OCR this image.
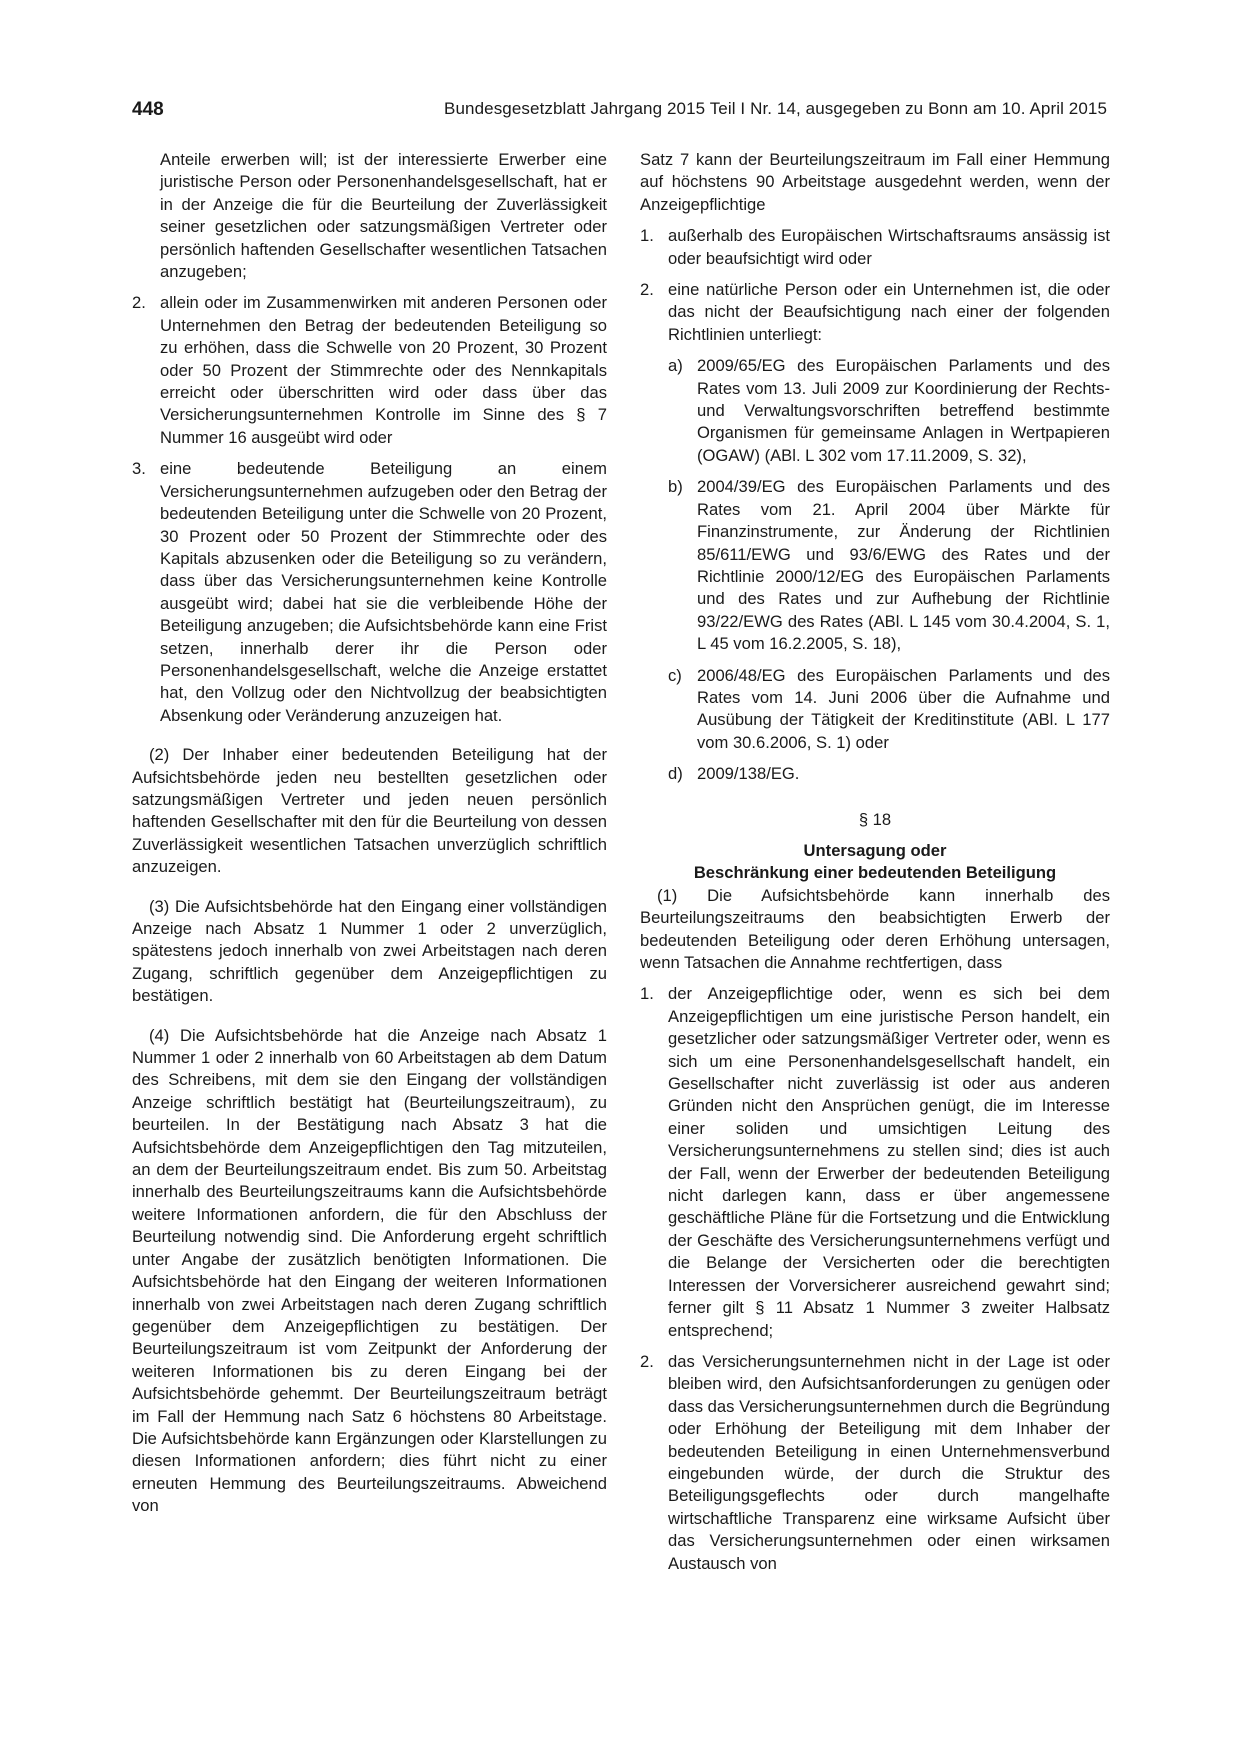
448	Bundesgesetzblatt Jahrgang 2015 Teil I Nr. 14, ausgegeben zu Bonn am 10. April 2015

Anteile erwerben will; ist der interessierte Erwerber eine juristische Person oder Personenhandelsgesellschaft, hat er in der Anzeige die für die Beurteilung der Zuverlässigkeit seiner gesetzlichen oder satzungsmäßigen Vertreter oder persönlich haftenden Gesellschafter wesentlichen Tatsachen anzugeben;

2. allein oder im Zusammenwirken mit anderen Personen oder Unternehmen den Betrag der bedeutenden Beteiligung so zu erhöhen, dass die Schwelle von 20 Prozent, 30 Prozent oder 50 Prozent der Stimmrechte oder des Nennkapitals erreicht oder überschritten wird oder dass über das Versicherungsunternehmen Kontrolle im Sinne des § 7 Nummer 16 ausgeübt wird oder
3. eine bedeutende Beteiligung an einem Versicherungsunternehmen aufzugeben oder den Betrag der bedeutenden Beteiligung unter die Schwelle von 20 Prozent, 30 Prozent oder 50 Prozent der Stimmrechte oder des Kapitals abzusenken oder die Beteiligung so zu verändern, dass über das Versicherungsunternehmen keine Kontrolle ausgeübt wird; dabei hat sie die verbleibende Höhe der Beteiligung anzugeben; die Aufsichtsbehörde kann eine Frist setzen, innerhalb derer ihr die Person oder Personenhandelsgesellschaft, welche die Anzeige erstattet hat, den Vollzug oder den Nichtvollzug der beabsichtigten Absenkung oder Veränderung anzuzeigen hat.

(2) Der Inhaber einer bedeutenden Beteiligung hat der Aufsichtsbehörde jeden neu bestellten gesetzlichen oder satzungsmäßigen Vertreter und jeden neuen persönlich haftenden Gesellschafter mit den für die Beurteilung von dessen Zuverlässigkeit wesentlichen Tatsachen unverzüglich schriftlich anzuzeigen.

(3) Die Aufsichtsbehörde hat den Eingang einer vollständigen Anzeige nach Absatz 1 Nummer 1 oder 2 unverzüglich, spätestens jedoch innerhalb von zwei Arbeitstagen nach deren Zugang, schriftlich gegenüber dem Anzeigepflichtigen zu bestätigen.

(4) Die Aufsichtsbehörde hat die Anzeige nach Absatz 1 Nummer 1 oder 2 innerhalb von 60 Arbeitstagen ab dem Datum des Schreibens, mit dem sie den Eingang der vollständigen Anzeige schriftlich bestätigt hat (Beurteilungszeitraum), zu beurteilen. In der Bestätigung nach Absatz 3 hat die Aufsichtsbehörde dem Anzeigepflichtigen den Tag mitzuteilen, an dem der Beurteilungszeitraum endet. Bis zum 50. Arbeitstag innerhalb des Beurteilungszeitraums kann die Aufsichtsbehörde weitere Informationen anfordern, die für den Abschluss der Beurteilung notwendig sind. Die Anforderung ergeht schriftlich unter Angabe der zusätzlich benötigten Informationen. Die Aufsichtsbehörde hat den Eingang der weiteren Informationen innerhalb von zwei Arbeitstagen nach deren Zugang schriftlich gegenüber dem Anzeigepflichtigen zu bestätigen. Der Beurteilungszeitraum ist vom Zeitpunkt der Anforderung der weiteren Informationen bis zu deren Eingang bei der Aufsichtsbehörde gehemmt. Der Beurteilungszeitraum beträgt im Fall der Hemmung nach Satz 6 höchstens 80 Arbeitstage. Die Aufsichtsbehörde kann Ergänzungen oder Klarstellungen zu diesen Informationen anfordern; dies führt nicht zu einer erneuten Hemmung des Beurteilungszeitraums. Abweichend von

Satz 7 kann der Beurteilungszeitraum im Fall einer Hemmung auf höchstens 90 Arbeitstage ausgedehnt werden, wenn der Anzeigepflichtige

1. außerhalb des Europäischen Wirtschaftsraums ansässig ist oder beaufsichtigt wird oder
2. eine natürliche Person oder ein Unternehmen ist, die oder das nicht der Beaufsichtigung nach einer der folgenden Richtlinien unterliegt:
a) 2009/65/EG des Europäischen Parlaments und des Rates vom 13. Juli 2009 zur Koordinierung der Rechts- und Verwaltungsvorschriften betreffend bestimmte Organismen für gemeinsame Anlagen in Wertpapieren (OGAW) (ABl. L 302 vom 17.11.2009, S. 32),
b) 2004/39/EG des Europäischen Parlaments und des Rates vom 21. April 2004 über Märkte für Finanzinstrumente, zur Änderung der Richtlinien 85/611/EWG und 93/6/EWG des Rates und der Richtlinie 2000/12/EG des Europäischen Parlaments und des Rates und zur Aufhebung der Richtlinie 93/22/EWG des Rates (ABl. L 145 vom 30.4.2004, S. 1, L 45 vom 16.2.2005, S. 18),
c) 2006/48/EG des Europäischen Parlaments und des Rates vom 14. Juni 2006 über die Aufnahme und Ausübung der Tätigkeit der Kreditinstitute (ABl. L 177 vom 30.6.2006, S. 1) oder
d) 2009/138/EG.
§ 18
Untersagung oder
Beschränkung einer bedeutenden Beteiligung

(1) Die Aufsichtsbehörde kann innerhalb des Beurteilungszeitraums den beabsichtigten Erwerb der bedeutenden Beteiligung oder deren Erhöhung untersagen, wenn Tatsachen die Annahme rechtfertigen, dass

1. der Anzeigepflichtige oder, wenn es sich bei dem Anzeigepflichtigen um eine juristische Person handelt, ein gesetzlicher oder satzungsmäßiger Vertreter oder, wenn es sich um eine Personenhandelsgesellschaft handelt, ein Gesellschafter nicht zuverlässig ist oder aus anderen Gründen nicht den Ansprüchen genügt, die im Interesse einer soliden und umsichtigen Leitung des Versicherungsunternehmens zu stellen sind; dies ist auch der Fall, wenn der Erwerber der bedeutenden Beteiligung nicht darlegen kann, dass er über angemessene geschäftliche Pläne für die Fortsetzung und die Entwicklung der Geschäfte des Versicherungsunternehmens verfügt und die Belange der Versicherten oder die berechtigten Interessen der Vorversicherer ausreichend gewahrt sind; ferner gilt § 11 Absatz 1 Nummer 3 zweiter Halbsatz entsprechend;
2. das Versicherungsunternehmen nicht in der Lage ist oder bleiben wird, den Aufsichtsanforderungen zu genügen oder dass das Versicherungsunternehmen durch die Begründung oder Erhöhung der Beteiligung mit dem Inhaber der bedeutenden Beteiligung in einen Unternehmensverbund eingebunden würde, der durch die Struktur des Beteiligungsgeflechts oder durch mangelhafte wirtschaftliche Transparenz eine wirksame Aufsicht über das Versicherungsunternehmen oder einen wirksamen Austausch von
